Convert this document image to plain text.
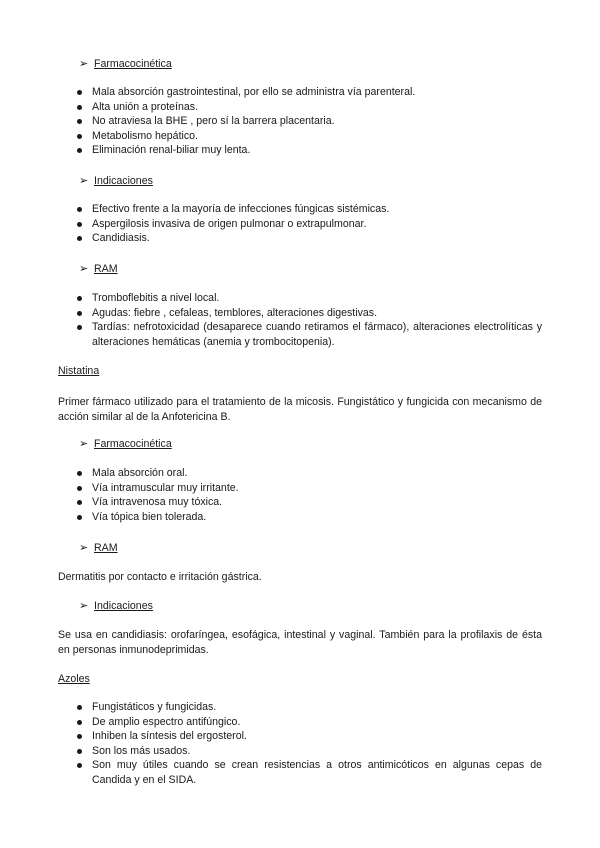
➢ Farmacocinética
Mala absorción gastrointestinal, por ello se administra vía parenteral.
Alta unión a proteínas.
No atraviesa la BHE , pero sí la barrera placentaria.
Metabolismo hepático.
Eliminación renal-biliar muy lenta.
➢ Indicaciones
Efectivo frente a la mayoría de infecciones fúngicas sistémicas.
Aspergilosis invasiva de origen pulmonar o extrapulmonar.
Candidiasis.
➢ RAM
Tromboflebitis a nivel local.
Agudas: fiebre , cefaleas, temblores, alteraciones digestivas.
Tardías: nefrotoxicidad (desaparece cuando retiramos el fármaco), alteraciones electrolíticas y alteraciones hemáticas (anemia y trombocitopenia).
Nistatina
Primer fármaco utilizado para el tratamiento de la micosis. Fungistático y fungicida con mecanismo de acción similar al de la Anfotericina B.
➢ Farmacocinética
Mala absorción oral.
Vía intramuscular muy irritante.
Vía intravenosa muy tóxica.
Vía tópica bien tolerada.
➢ RAM
Dermatitis por contacto e irritación gástrica.
➢ Indicaciones
Se usa en candidiasis: orofaríngea, esofágica, intestinal y vaginal. También para la profilaxis de ésta en personas inmunodeprimidas.
Azoles
Fungistáticos y fungicidas.
De amplio espectro antifúngico.
Inhiben la síntesis del ergosterol.
Son los más usados.
Son muy útiles cuando se crean resistencias a otros antimicóticos en algunas cepas de Candida y en el SIDA.
